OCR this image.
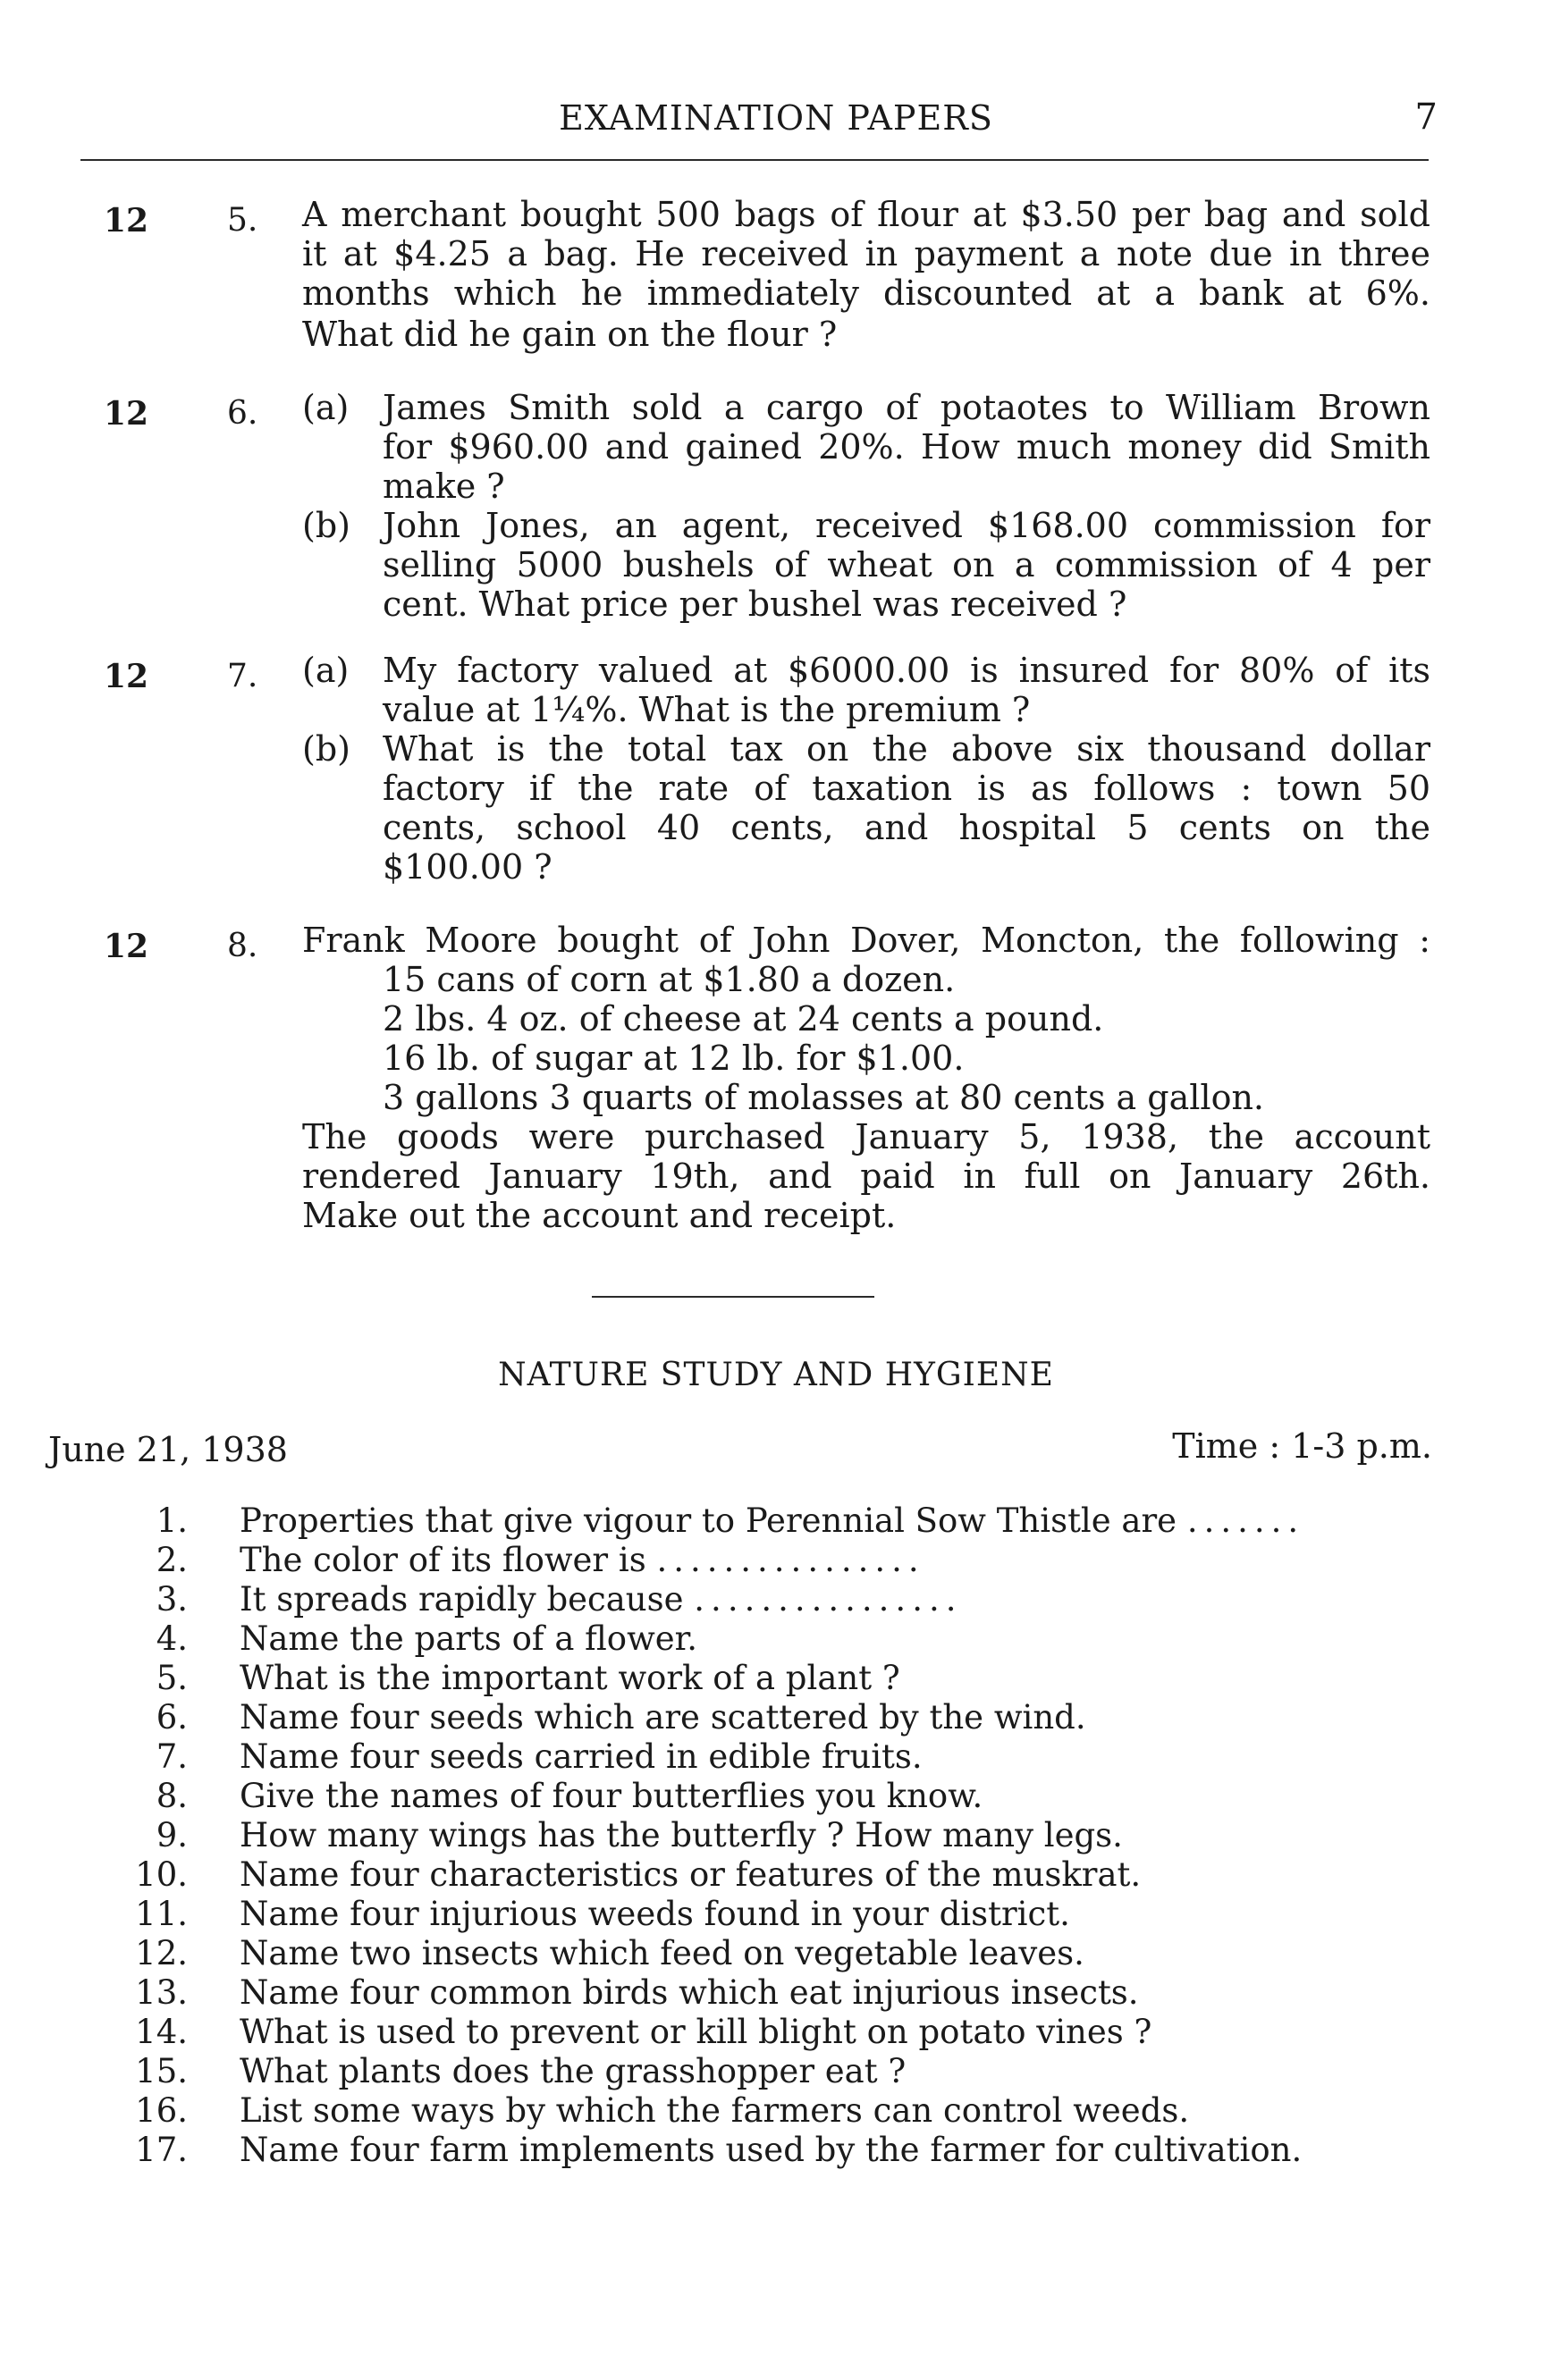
EXAMINATION PAPERS	7
12 5. A merchant bought 500 bags of flour at $3.50 per bag and sold
it at $4.25 a bag. He received in payment a note due in three
months which he immediately discounted at a bank at 6%.
What did he gain on the flour ?
12 6. (a) James Smith sold a cargo of potaotes to William Brown
for $960.00 and gained 20%. How much money did Smith
make ?
(b) John Jones, an agent, received $168.00 commission for
selling 5000 bushels of wheat on a commission of 4 per
cent. What price per bushel was received ?
12 7. (a) My factory valued at $6000.00 is insured for 80% of its
value at 1¼%. What is the premium ?
(b) What is the total tax on the above six thousand dollar
factory if the rate of taxation is as follows : town 50
cents, school 40 cents, and hospital 5 cents on the
$100.00 ?
12 8. Frank Moore bought of John Dover, Moncton, the following :
15 cans of corn at $1.80 a dozen.
2 lbs. 4 oz. of cheese at 24 cents a pound.
16 lb. of sugar at 12 lb. for $1.00.
3 gallons 3 quarts of molasses at 80 cents a gallon.
The goods were purchased January 5, 1938, the account
rendered January 19th, and paid in full on January 26th.
Make out the account and receipt.
NATURE STUDY AND HYGIENE
June 21, 1938	Time : 1-3 p.m.
1. Properties that give vigour to Perennial Sow Thistle are .......
2. The color of its flower is ................
3. It spreads rapidly because ................
4. Name the parts of a flower.
5. What is the important work of a plant ?
6. Name four seeds which are scattered by the wind.
7. Name four seeds carried in edible fruits.
8. Give the names of four butterflies you know.
9. How many wings has the butterfly ? How many legs.
10. Name four characteristics or features of the muskrat.
11. Name four injurious weeds found in your district.
12. Name two insects which feed on vegetable leaves.
13. Name four common birds which eat injurious insects.
14. What is used to prevent or kill blight on potato vines ?
15. What plants does the grasshopper eat ?
16. List some ways by which the farmers can control weeds.
17. Name four farm implements used by the farmer for cultivation.
